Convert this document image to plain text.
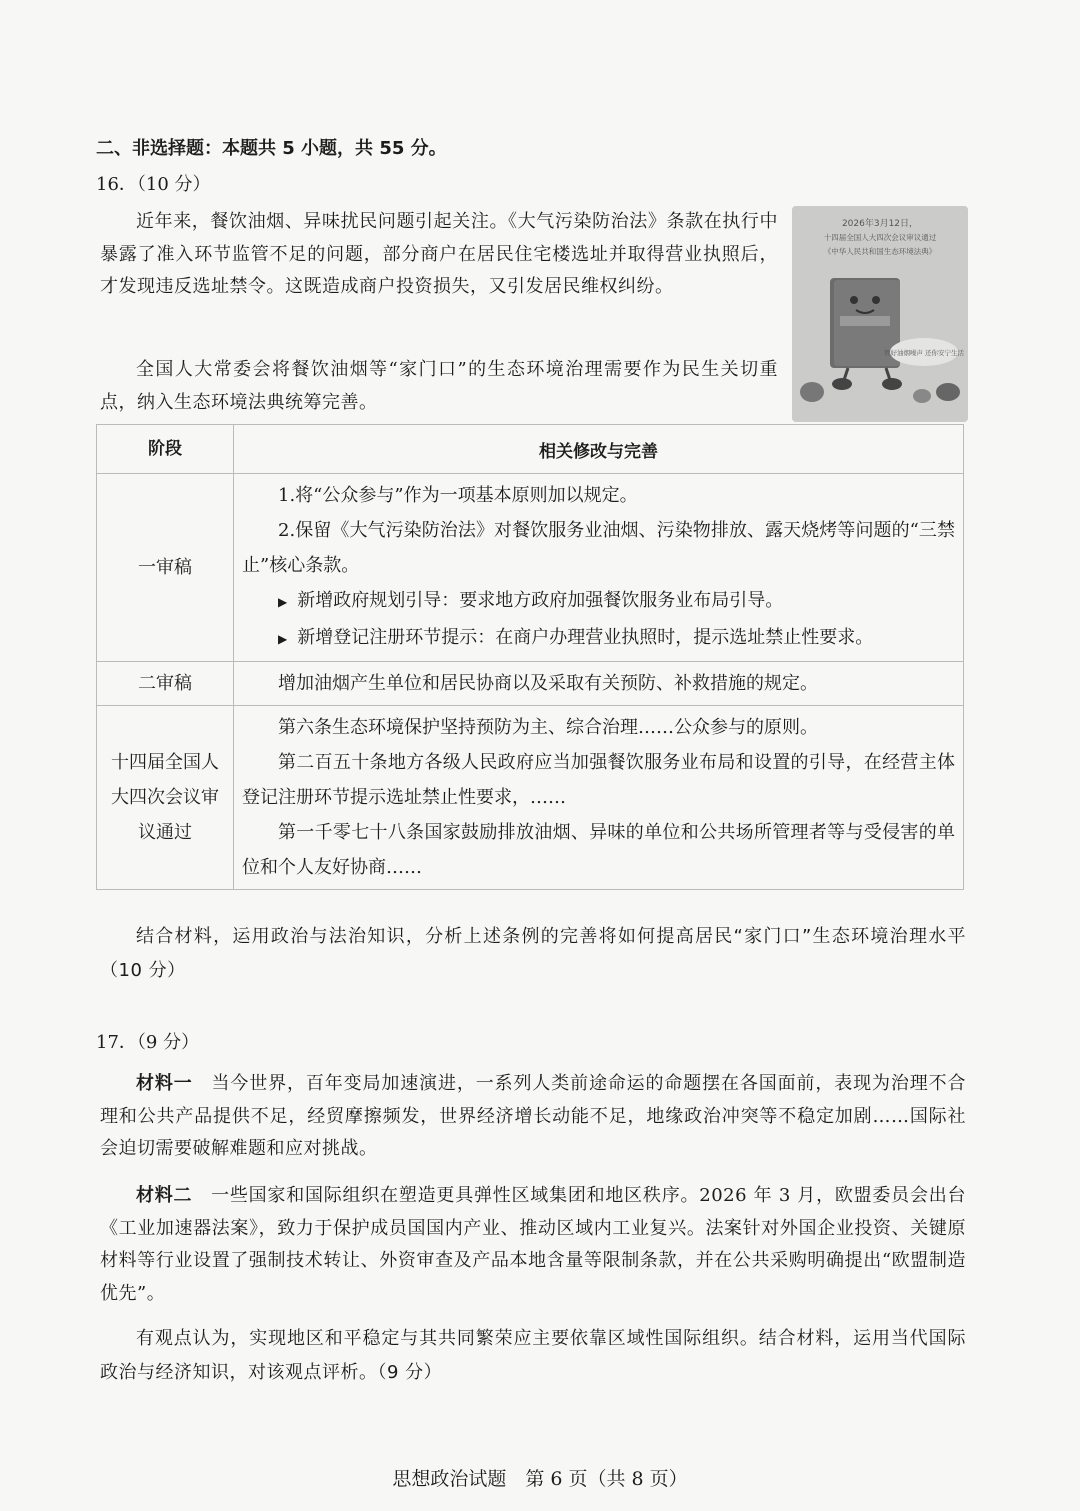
二、非选择题：本题共 5 小题，共 55 分。
16．（10 分）
近年来，餐饮油烟、异味扰民问题引起关注。《大气污染防治法》条款在执行中暴露了准入环节监管不足的问题，部分商户在居民住宅楼选址并取得营业执照后，才发现违反选址禁令。这既造成商户投资损失，又引发居民维权纠纷。
全国人大常委会将餐饮油烟等“家门口”的生态环境治理需要作为民生关切重点，纳入生态环境法典统筹完善。
2026年3月12日，
十四届全国人大四次会议审议通过
《中华人民共和国生态环境法典》
管好油烟噪声 还你安宁生活
阶段	相关修改与完善
一审稿	1.将“公众参与”作为一项基本原则加以规定。
2.保留《大气污染防治法》对餐饮服务业油烟、污染物排放、露天烧烤等问题的“三禁止”核心条款。
▶ 新增政府规划引导：要求地方政府加强餐饮服务业布局引导。
▶ 新增登记注册环节提示：在商户办理营业执照时，提示选址禁止性要求。

二审稿	增加油烟产生单位和居民协商以及采取有关预防、补救措施的规定。

十四届全国人大四次会议审议通过	第六条生态环境保护坚持预防为主、综合治理……公众参与的原则。
第二百五十条地方各级人民政府应当加强餐饮服务业布局和设置的引导，在经营主体登记注册环节提示选址禁止性要求，……
第一千零七十八条国家鼓励排放油烟、异味的单位和公共场所管理者等与受侵害的单位和个人友好协商……
结合材料，运用政治与法治知识，分析上述条例的完善将如何提高居民“家门口”生态环境治理水平（10 分）
17．（9 分）
材料一　 当今世界，百年变局加速演进，一系列人类前途命运的命题摆在各国面前，表现为治理不合理和公共产品提供不足，经贸摩擦频发，世界经济增长动能不足，地缘政治冲突等不稳定加剧……国际社会迫切需要破解难题和应对挑战。
材料二　 一些国家和国际组织在塑造更具弹性区域集团和地区秩序。2026 年 3 月，欧盟委员会出台《工业加速器法案》，致力于保护成员国国内产业、推动区域内工业复兴。法案针对外国企业投资、关键原材料等行业设置了强制技术转让、外资审查及产品本地含量等限制条款，并在公共采购明确提出“欧盟制造优先”。
有观点认为，实现地区和平稳定与其共同繁荣应主要依靠区域性国际组织。结合材料，运用当代国际政治与经济知识，对该观点评析。（9 分）
思想政治试题　第 6 页（共 8 页）
